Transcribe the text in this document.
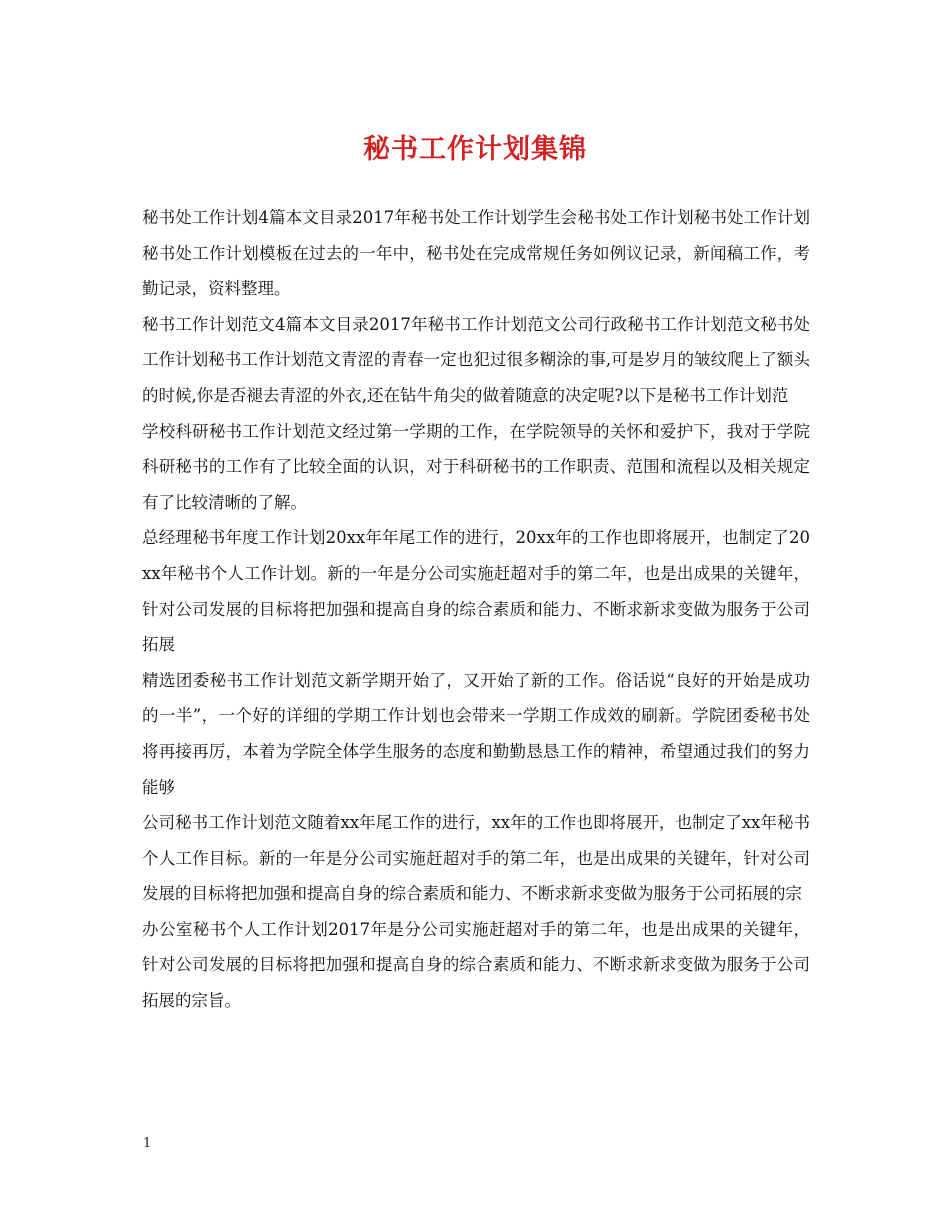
秘书工作计划集锦

秘书处工作计划4篇本文目录2017年秘书处工作计划学生会秘书处工作计划秘书处工作计划秘书处工作计划模板在过去的一年中，秘书处在完成常规任务如例议记录，新闻稿工作，考勤记录，资料整理。

秘书工作计划范文4篇本文目录2017年秘书工作计划范文公司行政秘书工作计划范文秘书处工作计划秘书工作计划范文青涩的青春一定也犯过很多糊涂的事,可是岁月的皱纹爬上了额头的时候,你是否褪去青涩的外衣,还在钻牛角尖的做着随意的决定呢?以下是秘书工作计划范

学校科研秘书工作计划范文经过第一学期的工作，在学院领导的关怀和爱护下，我对于学院科研秘书的工作有了比较全面的认识，对于科研秘书的工作职责、范围和流程以及相关规定有了比较清晰的了解。

总经理秘书年度工作计划20xx年年尾工作的进行，20xx年的工作也即将展开，也制定了20xx年秘书个人工作计划。新的一年是分公司实施赶超对手的第二年，也是出成果的关键年，针对公司发展的目标将把加强和提高自身的综合素质和能力、不断求新求变做为服务于公司拓展

精选团委秘书工作计划范文新学期开始了，又开始了新的工作。俗话说“良好的开始是成功的一半”，一个好的详细的学期工作计划也会带来一学期工作成效的刷新。学院团委秘书处将再接再厉，本着为学院全体学生服务的态度和勤勤恳恳工作的精神，希望通过我们的努力能够

公司秘书工作计划范文随着xx年尾工作的进行，xx年的工作也即将展开，也制定了xx年秘书个人工作目标。新的一年是分公司实施赶超对手的第二年，也是出成果的关键年，针对公司发展的目标将把加强和提高自身的综合素质和能力、不断求新求变做为服务于公司拓展的宗

办公室秘书个人工作计划2017年是分公司实施赶超对手的第二年，也是出成果的关键年，针对公司发展的目标将把加强和提高自身的综合素质和能力、不断求新求变做为服务于公司拓展的宗旨。

1
